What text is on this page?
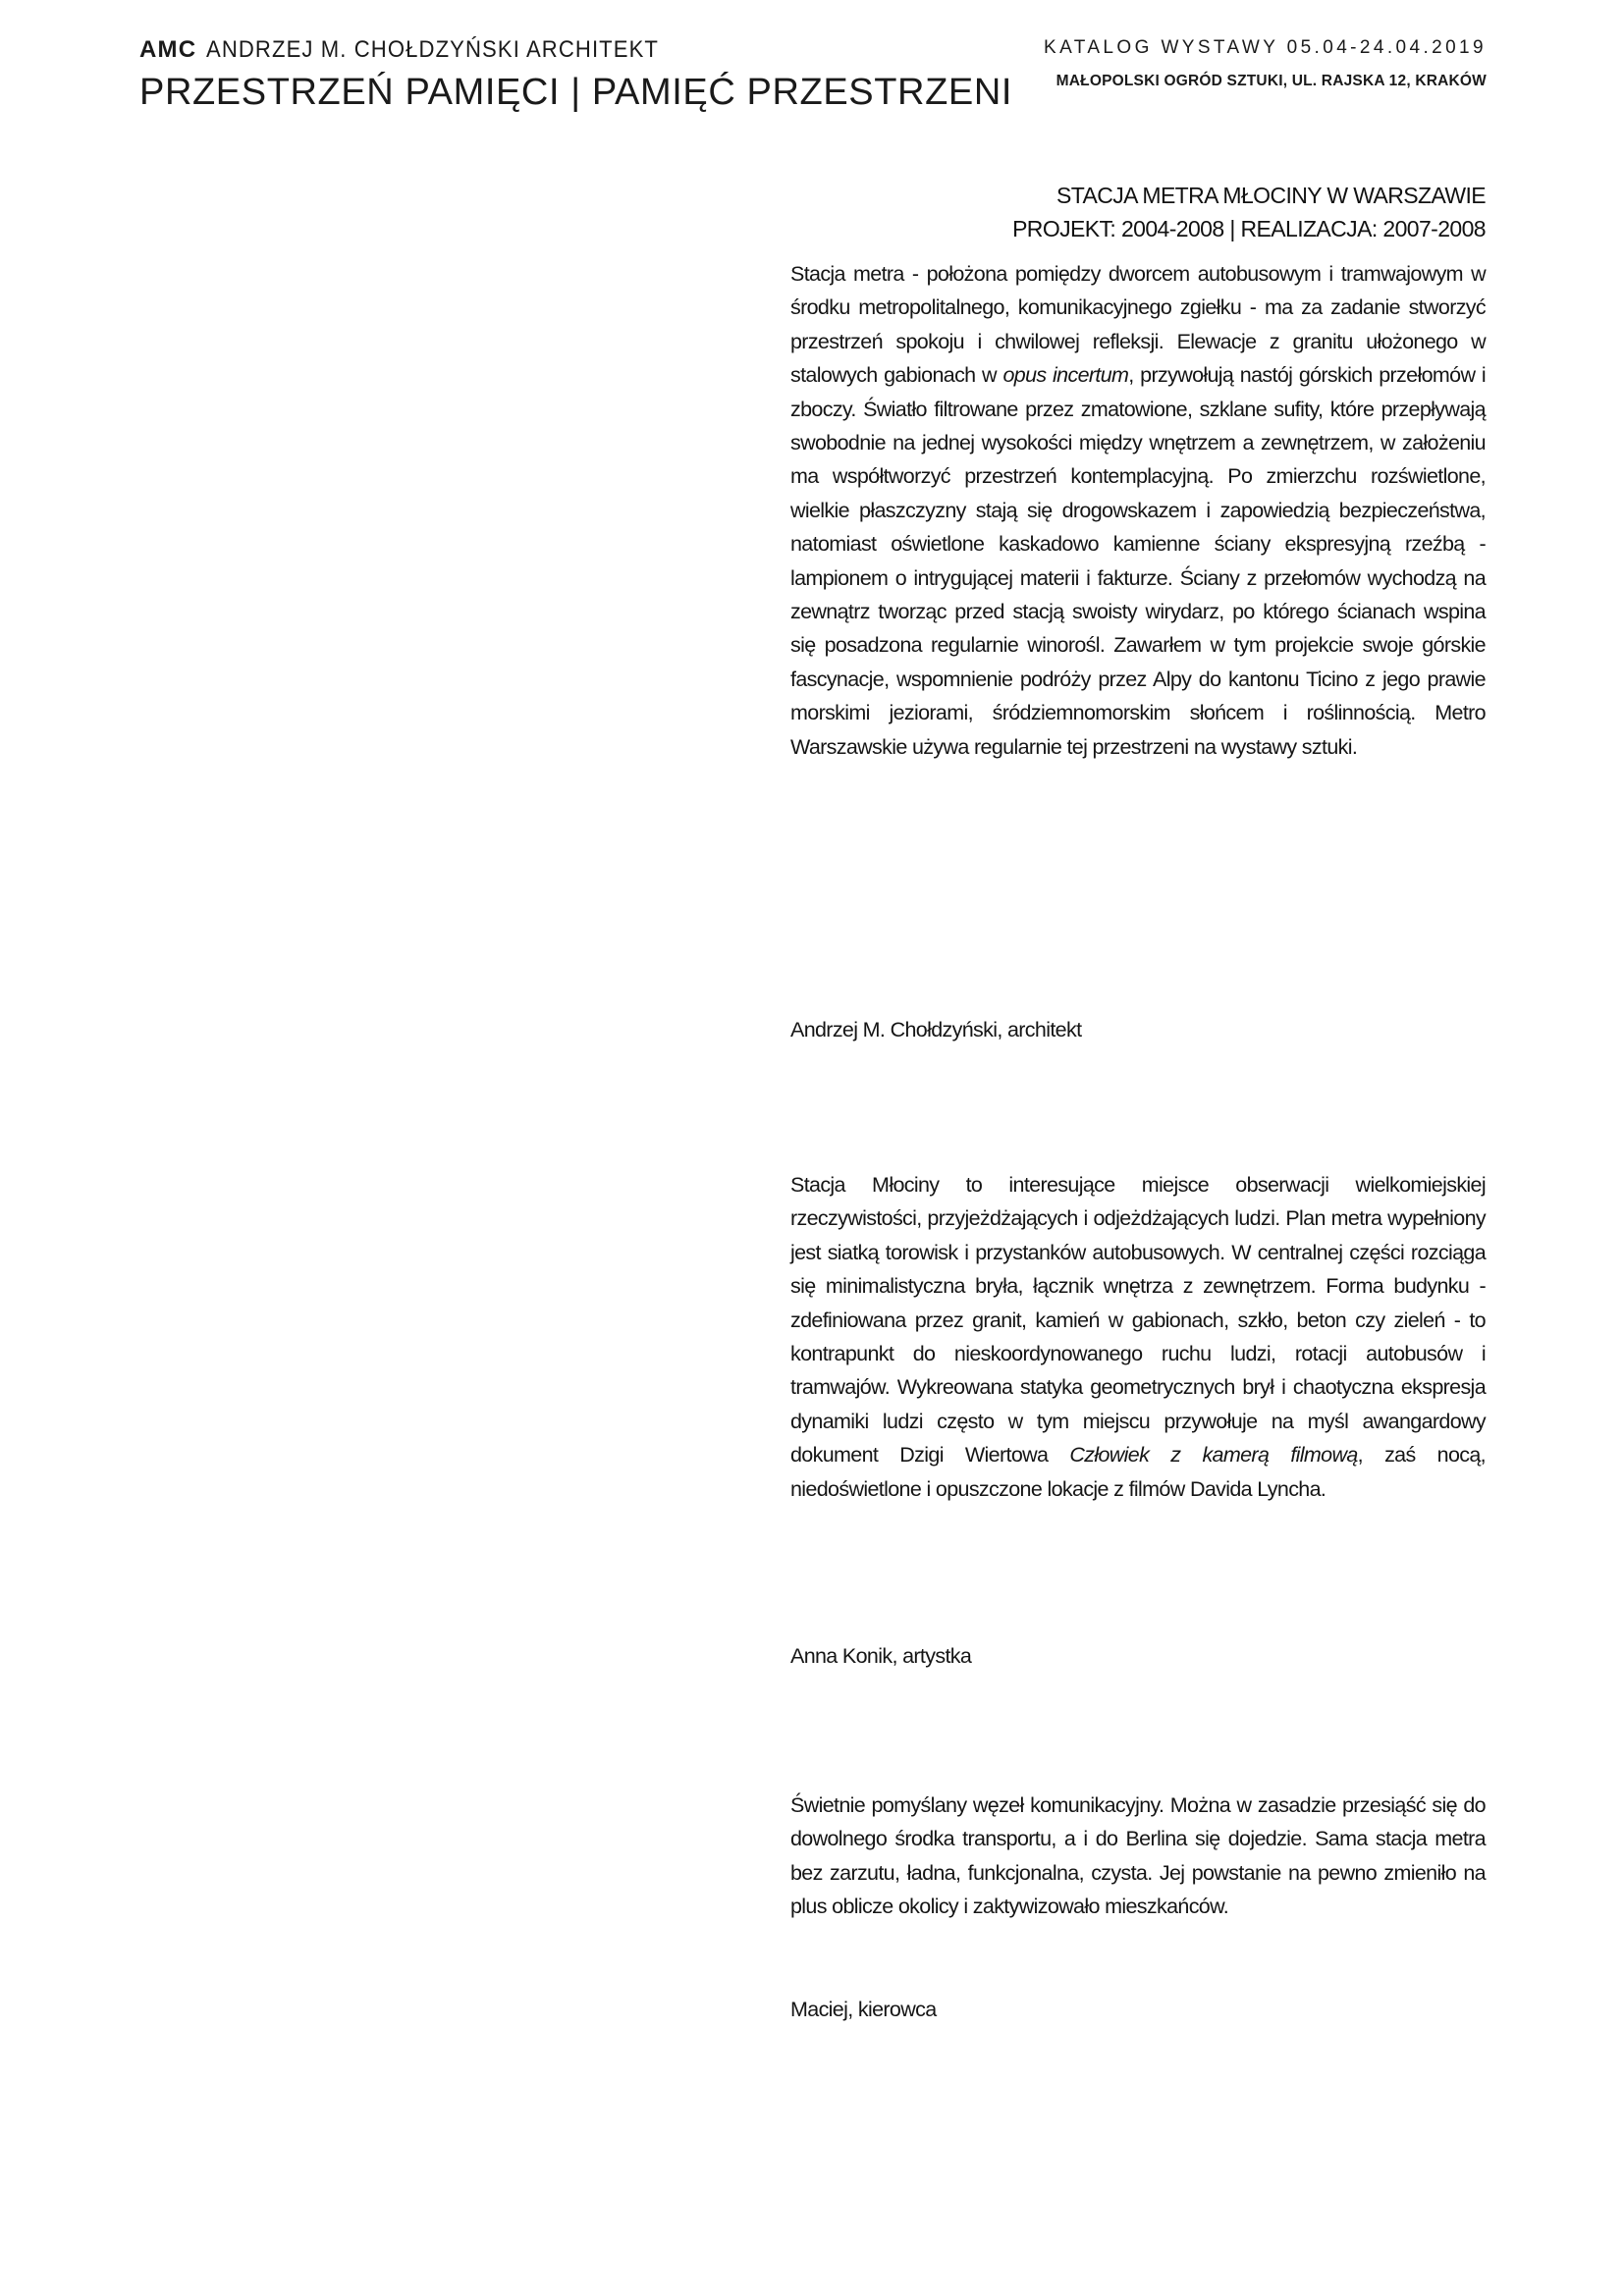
AMC ANDRZEJ M. CHOŁDZYŃSKI ARCHITEKT
PRZESTRZEŃ PAMIĘCI | PAMIĘĆ PRZESTRZENI
KATALOG WYSTAWY 05.04-24.04.2019
MAŁOPOLSKI OGRÓD SZTUKI, UL. RAJSKA 12, KRAKÓW
STACJA METRA MŁOCINY W WARSZAWIE
PROJEKT: 2004-2008 | REALIZACJA: 2007-2008

Stacja metra - położona pomiędzy dworcem autobusowym i tramwajowym w środku metropolitalnego, komunikacyjnego zgiełku - ma za zadanie stworzyć przestrzeń spokoju i chwilowej refleksji. Elewacje z granitu ułożonego w stalowych gabionach w opus incertum, przywołują nastój górskich przełomów i zboczy. Światło filtrowane przez zmatowione, szklane sufity, które przepływają swobodnie na jednej wysokości między wnętrzem a zewnętrzem, w założeniu ma współtworzyć przestrzeń kontemplacyjną. Po zmierzchu rozświetlone, wielkie płaszczyzny stają się drogowskazem i zapowiedzią bezpieczeństwa, natomiast oświetlone kaskadowo kamienne ściany ekspresyjną rzeźbą - lampionem o intrygującej materii i fakturze. Ściany z przełomów wychodzą na zewnątrz tworząc przed stacją swoisty wirydarz, po którego ścianach wspina się posadzona regularnie winorośl. Zawarłem w tym projekcie swoje górskie fascynacje, wspomnienie podróży przez Alpy do kantonu Ticino z jego prawie morskimi jeziorami, śródziemnomorskim słońcem i roślinnością. Metro Warszawskie używa regularnie tej przestrzeni na wystawy sztuki.

Andrzej M. Chołdzyński, architekt

Stacja Młociny to interesujące miejsce obserwacji wielkomiejskiej rzeczywistości, przyjeżdżających i odjeżdżających ludzi. Plan metra wypełniony jest siatką torowisk i przystanków autobusowych. W centralnej części rozciąga się minimalistyczna bryła, łącznik wnętrza z zewnętrzem. Forma budynku - zdefiniowana przez granit, kamień w gabionach, szkło, beton czy zieleń - to kontrapunkt do nieskoordynowanego ruchu ludzi, rotacji autobusów i tramwajów. Wykreowana statyka geometrycznych brył i chaotyczna ekspresja dynamiki ludzi często w tym miejscu przywołuje na myśl awangardowy dokument Dzigi Wiertowa Człowiek z kamerą filmową, zaś nocą, niedoświetlone i opuszczone lokacje z filmów Davida Lyncha.

Anna Konik, artystka

Świetnie pomyślany węzeł komunikacyjny. Można w zasadzie przesiąść się do dowolnego środka transportu, a i do Berlina się dojedzie. Sama stacja metra bez zarzutu, ładna, funkcjonalna, czysta. Jej powstanie na pewno zmieniło na plus oblicze okolicy i zaktywizowało mieszkańców.

Maciej, kierowca
